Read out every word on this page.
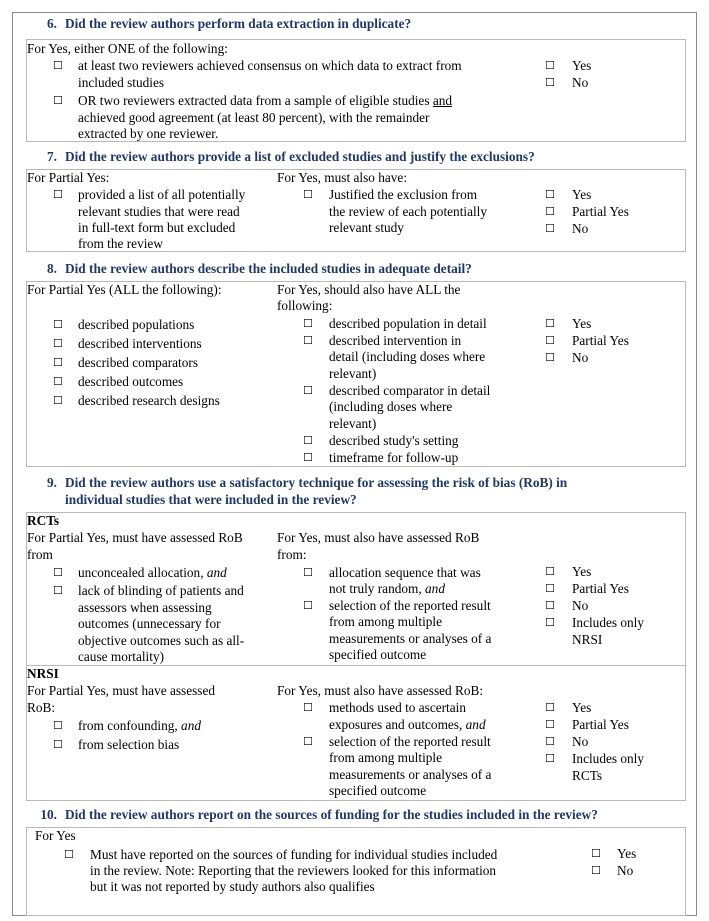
6. Did the review authors perform data extraction in duplicate?
For Yes, either ONE of the following:
☐ at least two reviewers achieved consensus on which data to extract from
included studies
☐ OR two reviewers extracted data from a sample of eligible studies and
achieved good agreement (at least 80 percent), with the remainder
extracted by one reviewer.
☐ Yes
☐ No
7. Did the review authors provide a list of excluded studies and justify the exclusions?
For Partial Yes:
☐ provided a list of all potentially
relevant studies that were read
in full-text form but excluded
from the review
For Yes, must also have:
☐ Justified the exclusion from
the review of each potentially
relevant study
☐ Yes
☐ Partial Yes
☐ No
8. Did the review authors describe the included studies in adequate detail?
For Partial Yes (ALL the following):
☐ described populations
☐ described interventions
☐ described comparators
☐ described outcomes
☐ described research designs
For Yes, should also have ALL the
following:
☐ described population in detail
☐ described intervention in
detail (including doses where
relevant)
☐ described comparator in detail
(including doses where
relevant)
☐ described study's setting
☐ timeframe for follow-up
☐ Yes
☐ Partial Yes
☐ No
9. Did the review authors use a satisfactory technique for assessing the risk of bias (RoB) in
individual studies that were included in the review?
RCTs
For Partial Yes, must have assessed RoB
from
☐ unconcealed allocation, and
☐ lack of blinding of patients and
assessors when assessing
outcomes (unnecessary for
objective outcomes such as all-
cause mortality)
For Yes, must also have assessed RoB
from:
☐ allocation sequence that was
not truly random, and
☐ selection of the reported result
from among multiple
measurements or analyses of a
specified outcome
☐ Yes
☐ Partial Yes
☐ No
☐ Includes only
NRSI
NRSI
For Partial Yes, must have assessed
RoB:
☐ from confounding, and
☐ from selection bias
For Yes, must also have assessed RoB:
☐ methods used to ascertain
exposures and outcomes, and
☐ selection of the reported result
from among multiple
measurements or analyses of a
specified outcome
☐ Yes
☐ Partial Yes
☐ No
☐ Includes only
RCTs
10. Did the review authors report on the sources of funding for the studies included in the review?
For Yes
☐ Must have reported on the sources of funding for individual studies included
in the review. Note: Reporting that the reviewers looked for this information
but it was not reported by study authors also qualifies
☐ Yes
☐ No
